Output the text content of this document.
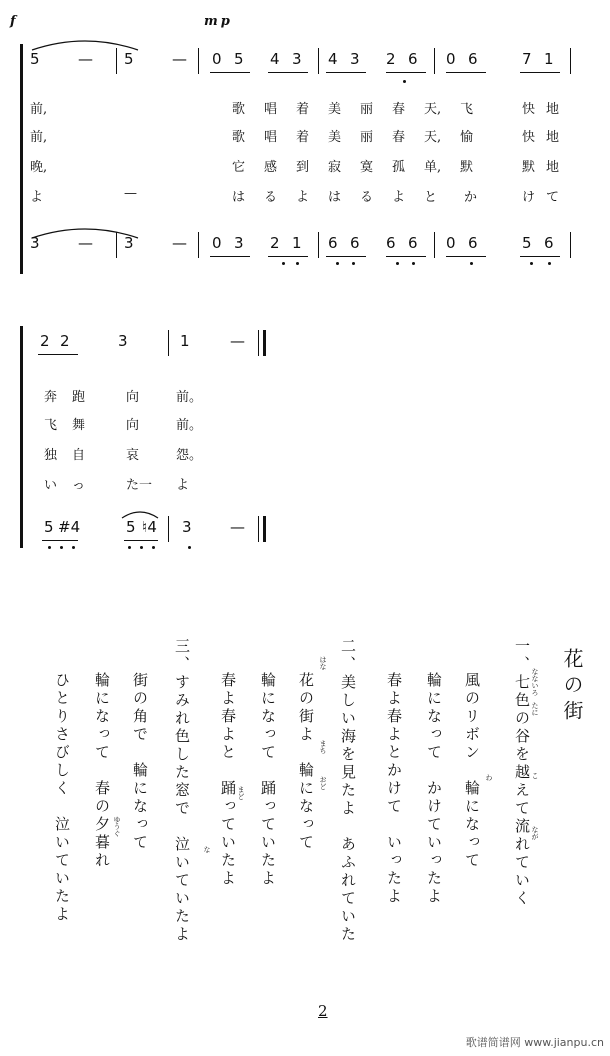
f	mp
5	— 5	— 0 5 4 3 4 3 2 6 0 6	7 1
前,	歌 唱 着 美 丽 春 天, 飞	快 地
前,	歌 唱 着 美 丽 春 天, 愉	快 地
晚,	它 感 到 寂 寞 孤 单, 默	默 地
よ	—	は る よ は る よ と か	け て
3	— 3	— 0 3 2 1 6 6 6 6 0 6	5 6
2 2	3	1	—
奔 跑	向	前。
飞 舞	向	前。
独 自	哀	怨。
い っ	た一 よ
5 #4	5 ♮4 3	—
花の街
一、七色の谷を越えて流れていく
風のリボン　輪になって
輪になって　かけていったよ
春よ春よとかけて　いったよ
二、美しい海を見たよ　あふれていた
花の街よ　輪になって
輪になって　踊っていたよ
春よ春よと　踊っていたよ
三、すみれ色した窓で　泣いていたよ
街の角で　輪になって
輪になって　春の夕暮れ
ひとりさびしく　泣いていたよ	なないろ
たに
こ
なが
わ
はな
まち
おど
まど
な
ゆうぐ
2
歌谱简谱网 www.jianpu.cn
